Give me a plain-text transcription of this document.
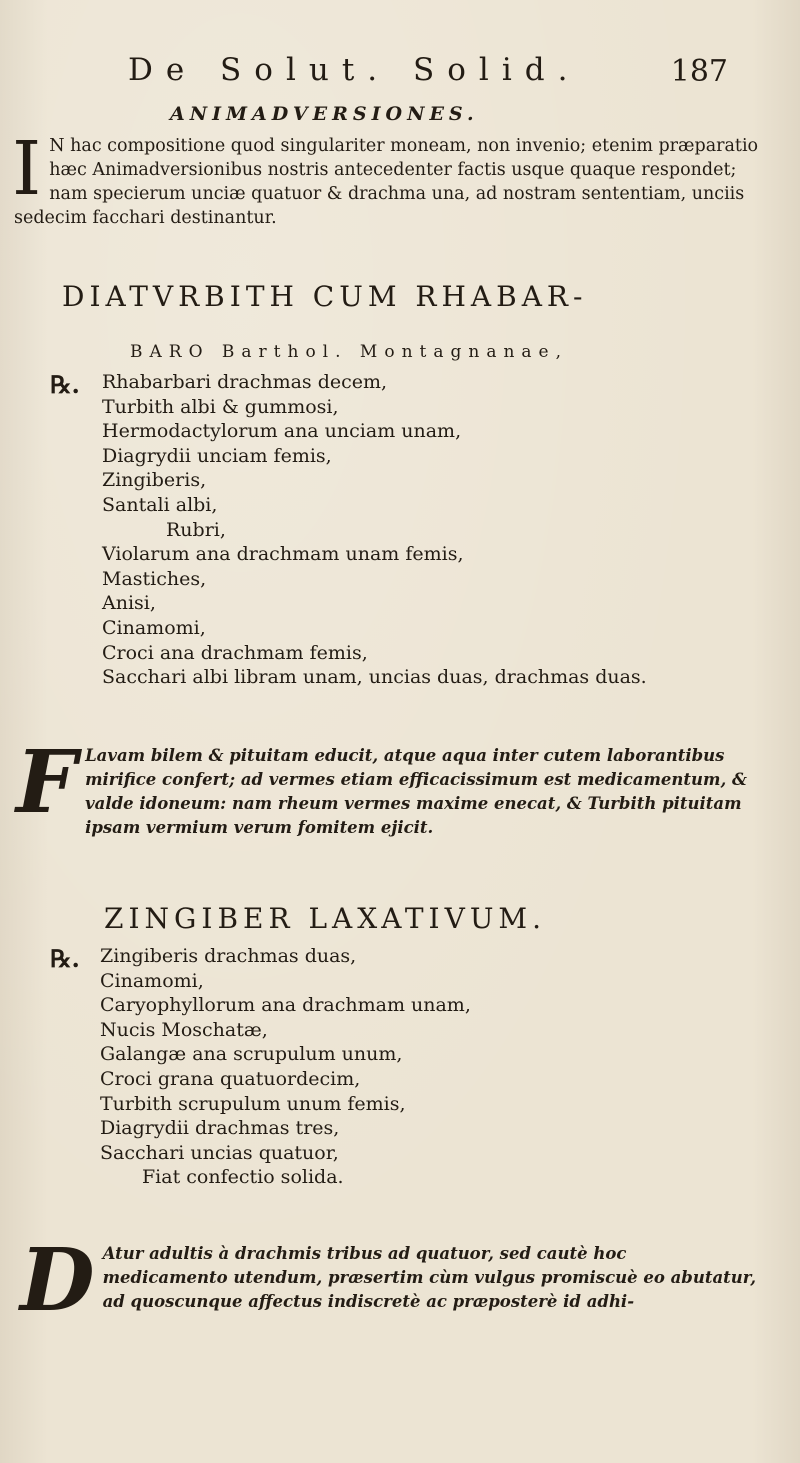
De Solut. Solid.	187
ANIMADVERSIONES.
I N hac compositione quod singulariter moneam, non invenio; etenim præparatio hæc Animadversionibus nostris antecedenter factis usque quaque respondet; nam specierum unciæ quatuor & drachma una, ad nostram sententiam, unciis sedecim facchari destinantur.
DIATVRBITH CUM RHABAR-
BARO Barthol. Montagnanae,
℞. Rhabarbari drachmas decem,
Turbith albi & gummosi,
Hermodactylorum ana unciam unam,
Diagrydii unciam femis,
Zingiberis,
Santali albi,
Rubri,
Violarum ana drachmam unam femis,
Mastiches,
Anisi,
Cinamomi,
Croci ana drachmam femis,
Sacchari albi libram unam, uncias duas, drachmas duas.
F Lavam bilem & pituitam educit, atque aqua inter cutem laborantibus mirifice confert; ad vermes etiam efficacissimum est medicamentum, & valde idoneum: nam rheum vermes maxime enecat, & Turbith pituitam ipsam vermium verum fomitem ejicit.
ZINGIBER LAXATIVUM.
℞. Zingiberis drachmas duas,
Cinamomi,
Caryophyllorum ana drachmam unam,
Nucis Moschatæ,
Galangæ ana scrupulum unum,
Croci grana quatuordecim,
Turbith scrupulum unum femis,
Diagrydii drachmas tres,
Sacchari uncias quatuor,
Fiat confectio solida.
D Atur adultis à drachmis tribus ad quatuor, sed cautè hoc medicamento utendum, præsertim cùm vulgus promiscuè eo abutatur, ad quoscunque affectus indiscretè ac præposterè id adhi-
